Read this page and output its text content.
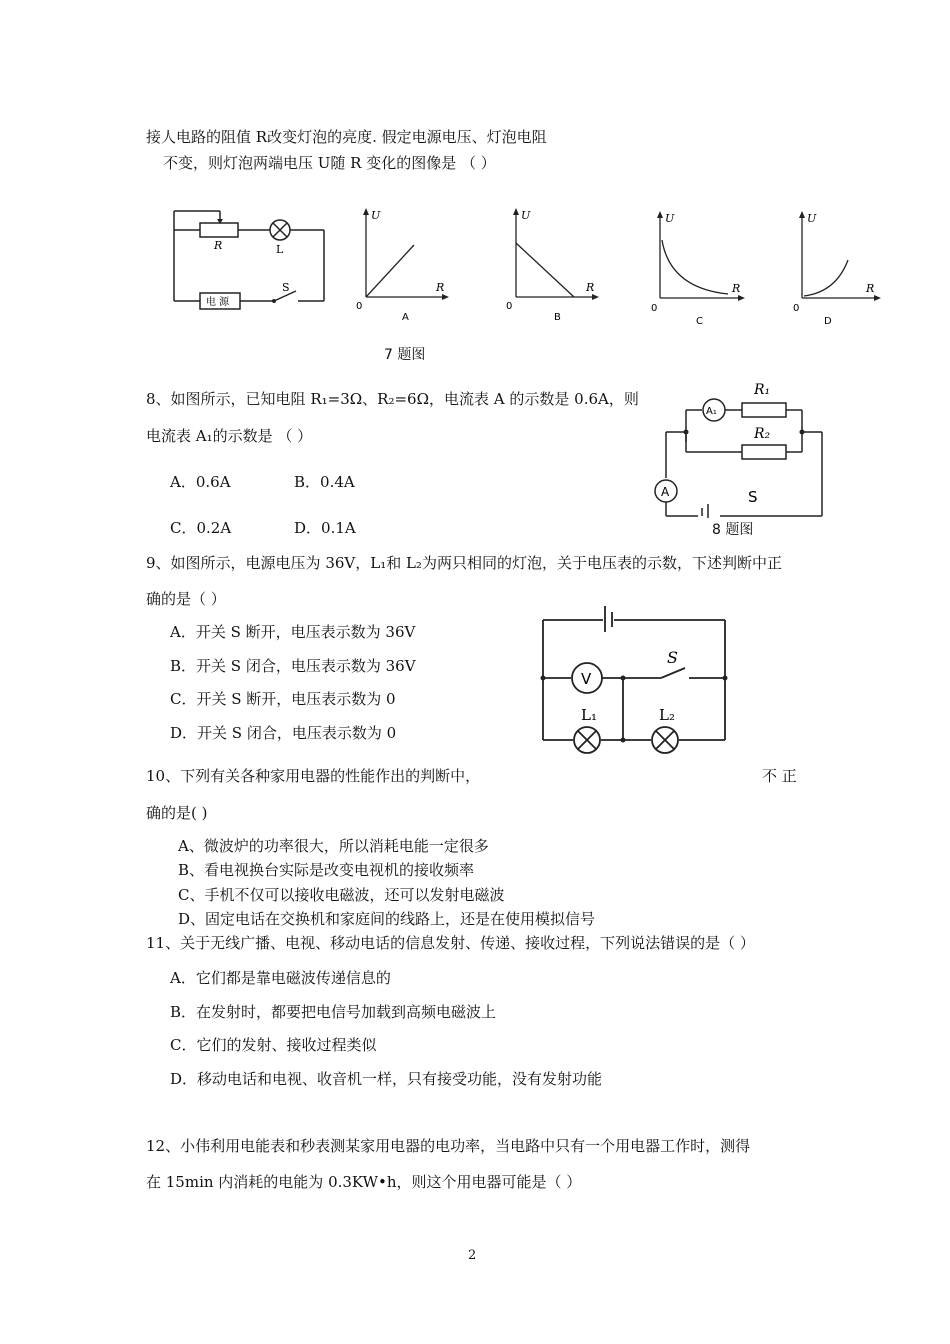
接人电路的阻值 R改变灯泡的亮度. 假定电源电压、灯泡电阻
不变，则灯泡两端电压 U随 R 变化的图像是 （ ）
R	L
S
电 源
U
R
0
A
U
R
0
B
U
R
0
C
U
R
0
D
7 题图
8、如图所示，已知电阻 R₁=3Ω、R₂=6Ω，电流表 A 的示数是 0.6A，则
电流表 A₁的示数是 （ ）
A．0.6A	B．0.4A
C．0.2A	D．0.1A
A₁
R₁
R₂
A	S
8 题图
9、如图所示，电源电压为 36V，L₁和 L₂为两只相同的灯泡，关于电压表的示数，下述判断中正
确的是（ ）
A．开关 S 断开，电压表示数为 36V
B．开关 S 闭合，电压表示数为 36V
C．开关 S 断开，电压表示数为 0
D．开关 S 闭合，电压表示数为 0
V
S
L₁	L₂
10、下列有关各种家用电器的性能作出的判断中，	不 正
确的是( )
A、微波炉的功率很大，所以消耗电能一定很多
B、看电视换台实际是改变电视机的接收频率
C、手机不仅可以接收电磁波，还可以发射电磁波
D、固定电话在交换机和家庭间的线路上，还是在使用模拟信号
11、关于无线广播、电视、移动电话的信息发射、传递、接收过程，下列说法错误的是（ ）
A．它们都是靠电磁波传递信息的
B．在发射时，都要把电信号加载到高频电磁波上
C．它们的发射、接收过程类似
D．移动电话和电视、收音机一样，只有接受功能，没有发射功能
12、小伟利用电能表和秒表测某家用电器的电功率，当电路中只有一个用电器工作时，测得
在 15min 内消耗的电能为 0.3KW•h，则这个用电器可能是（ ）
2
